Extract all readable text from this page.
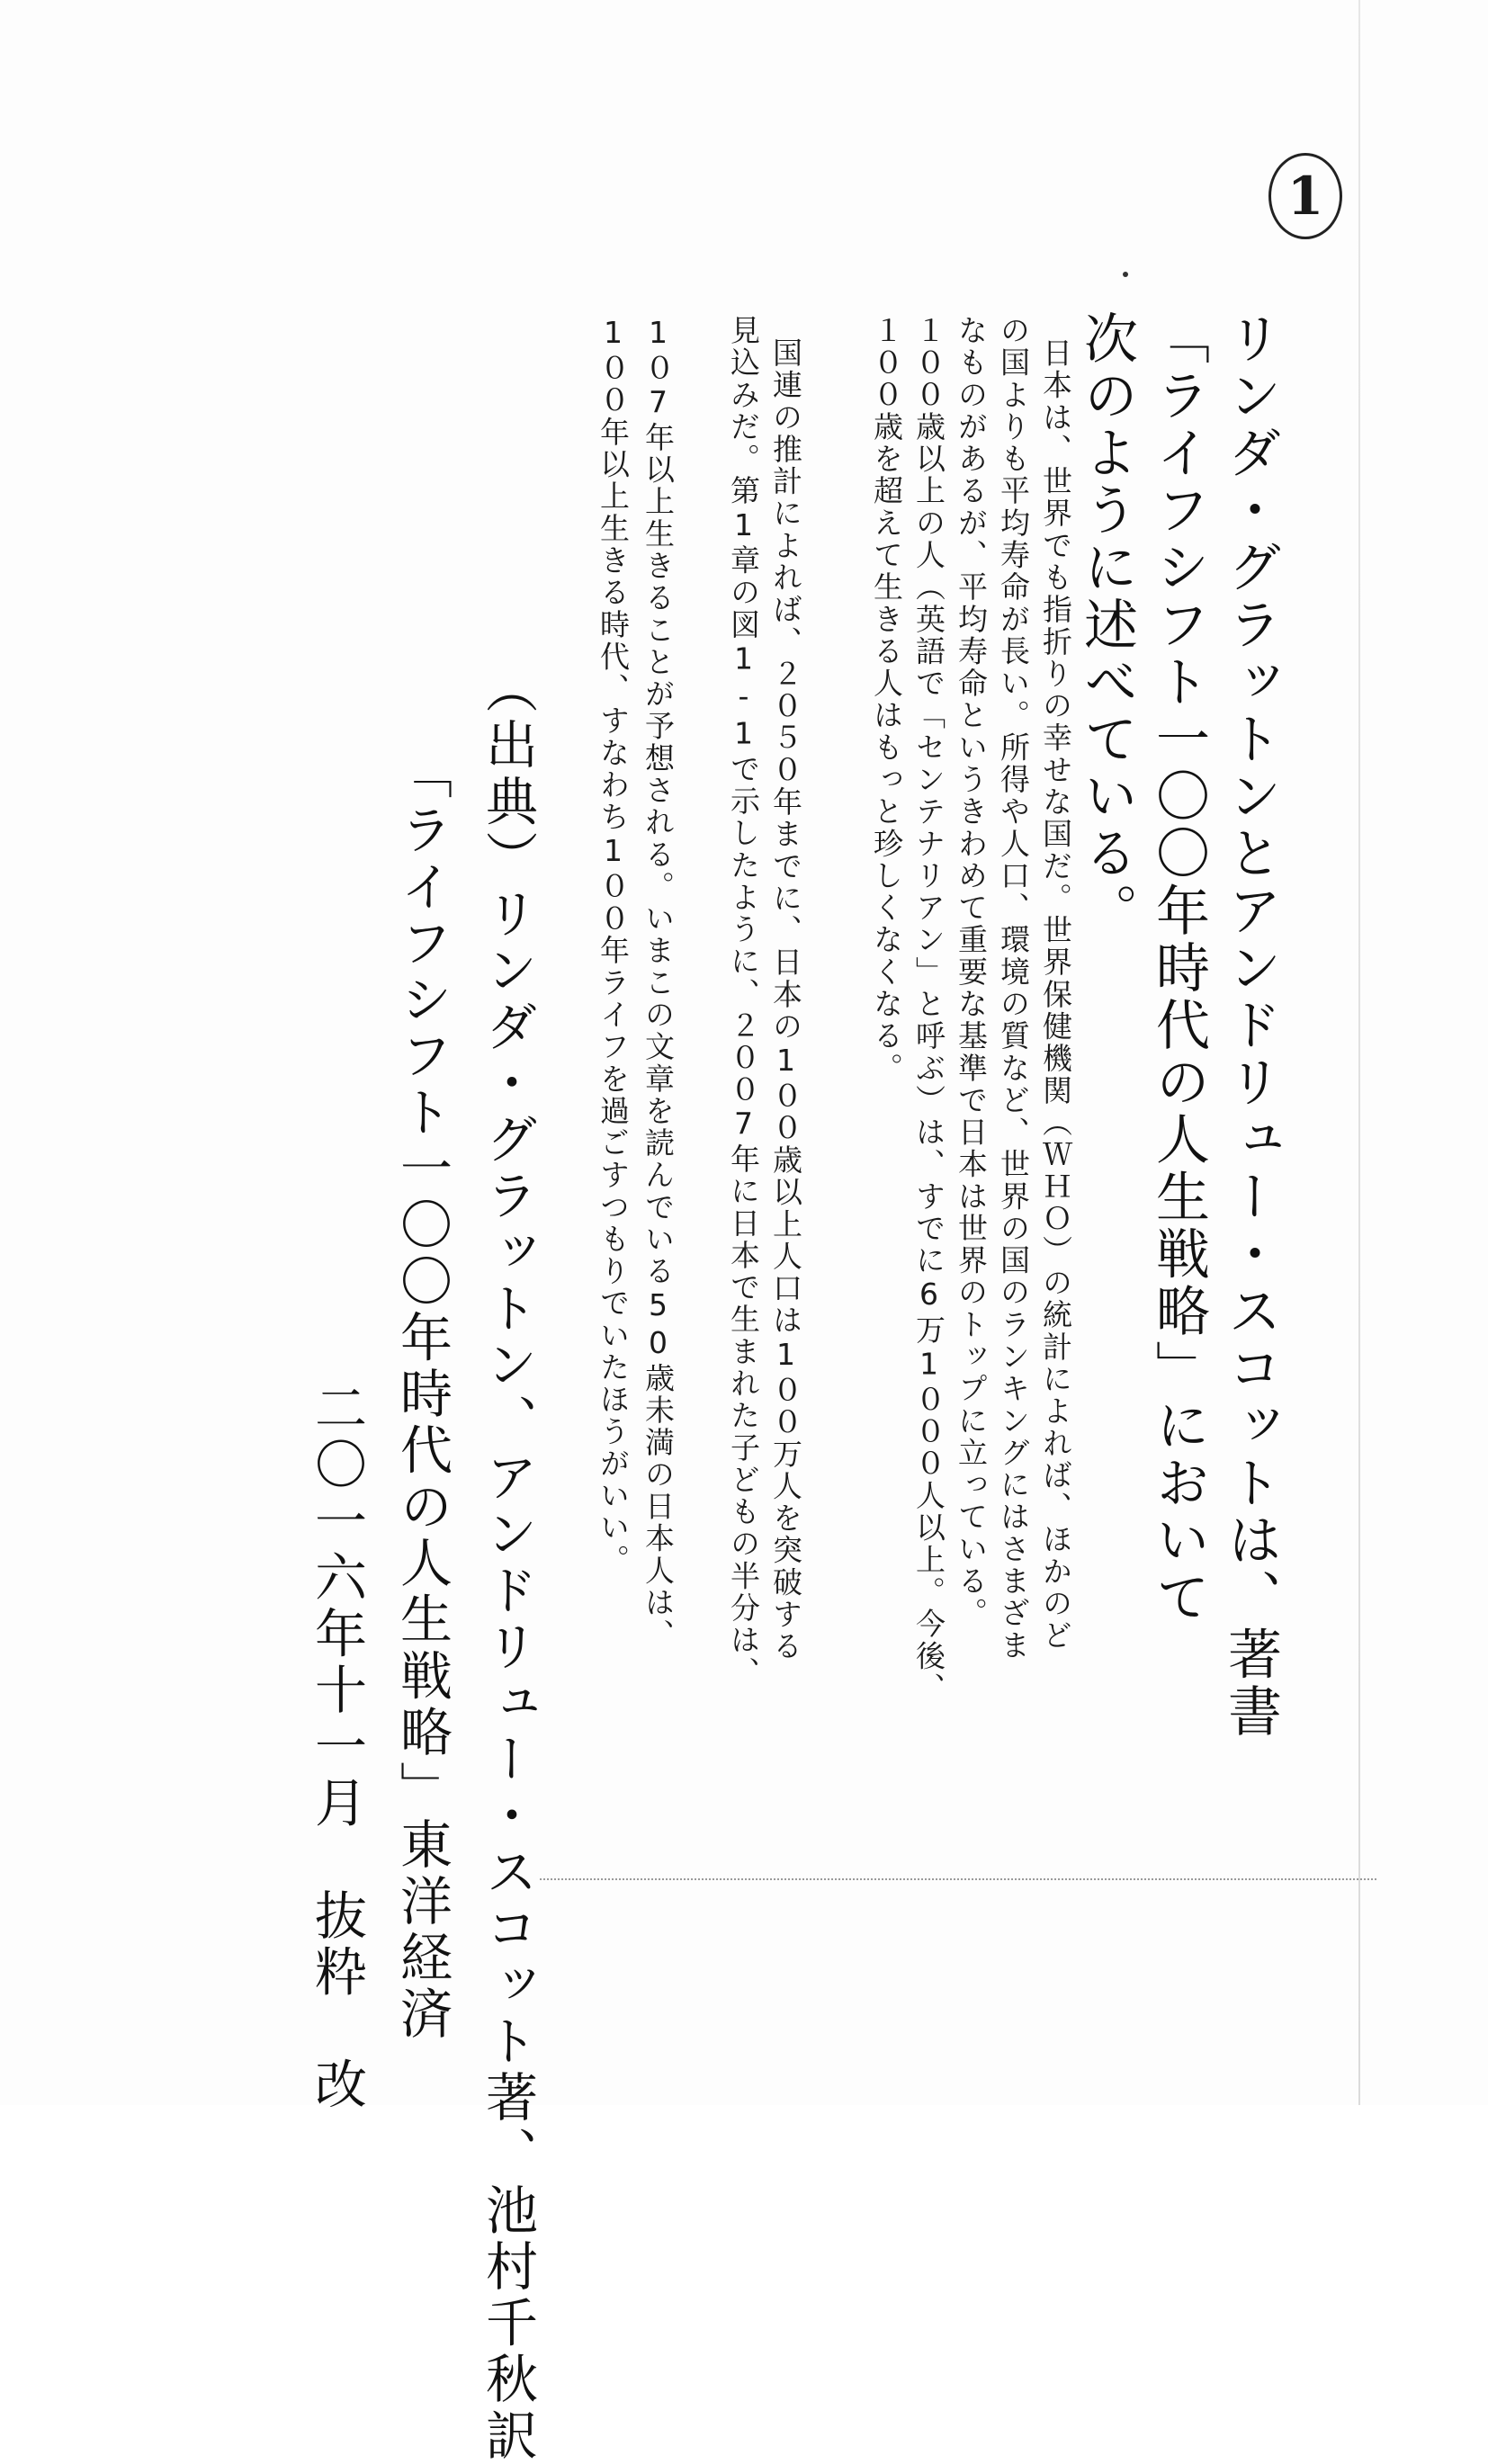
1
リンダ・グラットンとアンドリュー・スコットは、著書
「ライフシフト一〇〇年時代の人生戦略」において
次のように述べている。
日本は、世界でも指折りの幸せな国だ。世界保健機関（ＷＨＯ）の統計によれば、ほかのど
の国よりも平均寿命が長い。所得や人口、環境の質など、世界の国のランキングにはさまざま
なものがあるが、平均寿命というきわめて重要な基準で日本は世界のトップに立っている。
１００歳以上の人（英語で「センテナリアン」と呼ぶ）は、すでに6万1０００人以上。今後、
１００歳を超えて生きる人はもっと珍しくなくなる。
国連の推計によれば、２０５０年までに、日本の1００歳以上人口は1００万人を突破する
見込みだ。第1章の図1-1で示したように、２００7年に日本で生まれた子どもの半分は、
1０7年以上生きることが予想される。いまこの文章を読んでいる50歳未満の日本人は、
1００年以上生きる時代、すなわち1００年ライフを過ごすつもりでいたほうがいい。
（出典）リンダ・グラットン、アンドリュー・スコット著、池村千秋訳
「ライフシフト一〇〇年時代の人生戦略」東洋経済
二〇一六年十一月　抜粋　改
